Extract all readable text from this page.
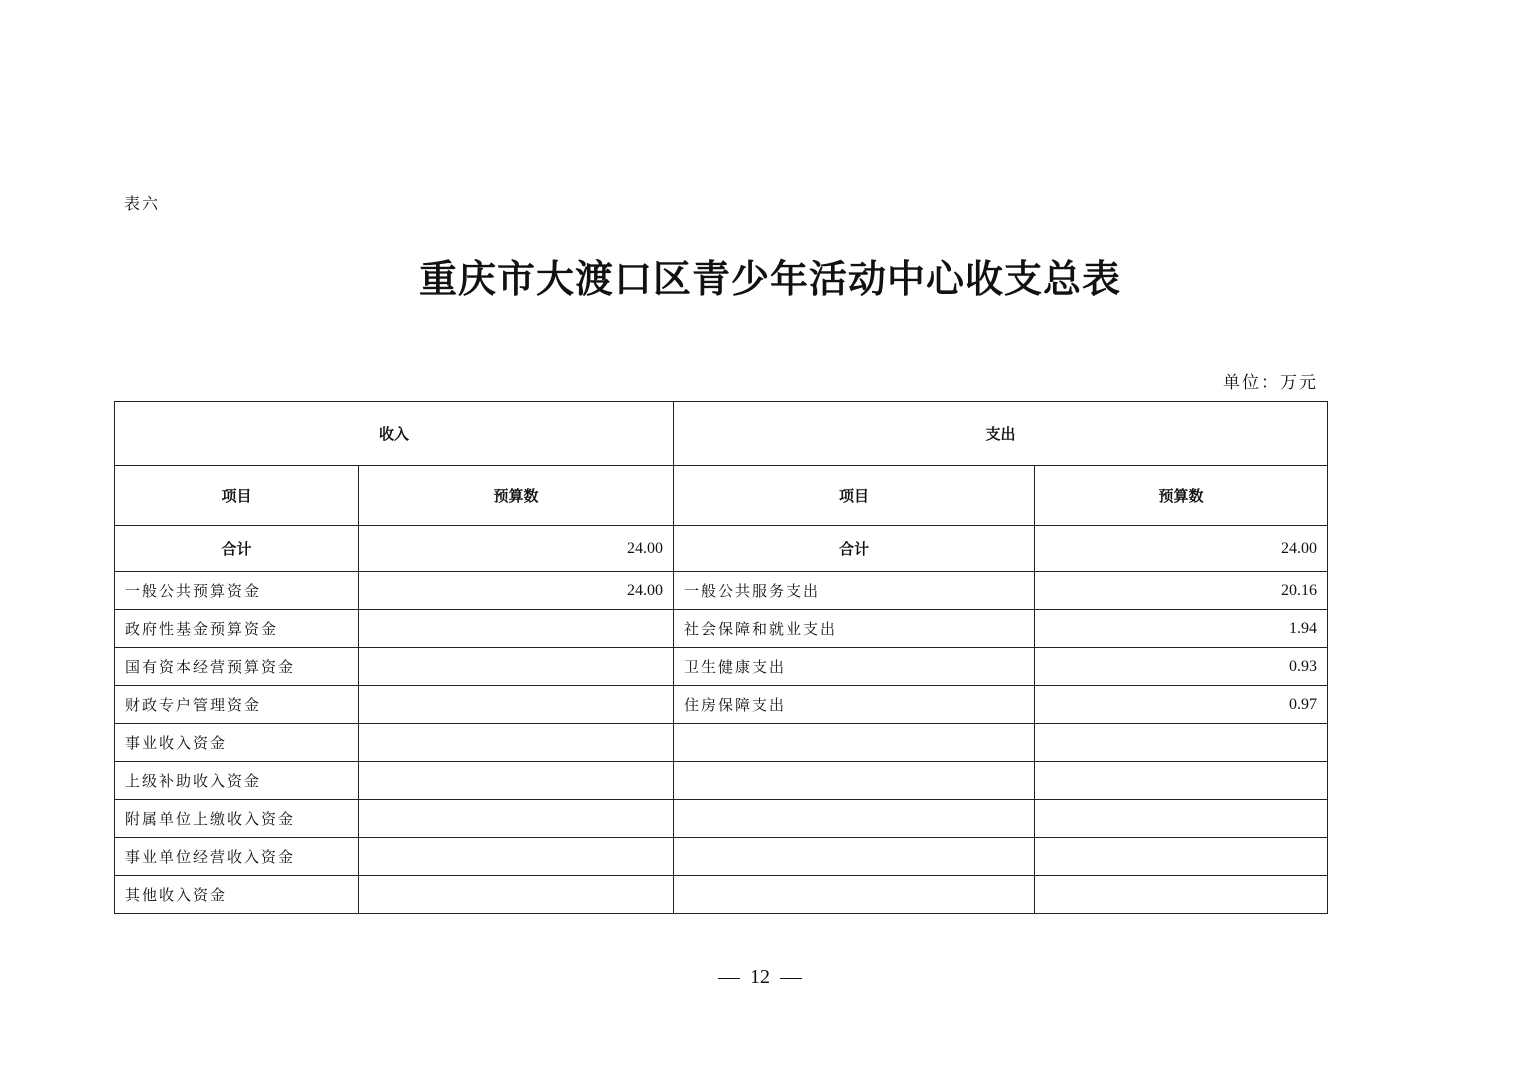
表六
重庆市大渡口区青少年活动中心收支总表
单位：万元
收入		支出	
项目	预算数	项目	预算数
合计	24.00	合计	24.00
一般公共预算资金	24.00	一般公共服务支出	20.16
政府性基金预算资金		社会保障和就业支出	1.94
国有资本经营预算资金		卫生健康支出	0.93
财政专户管理资金		住房保障支出	0.97
事业收入资金			
上级补助收入资金			
附属单位上缴收入资金			
事业单位经营收入资金			
其他收入资金			
12
